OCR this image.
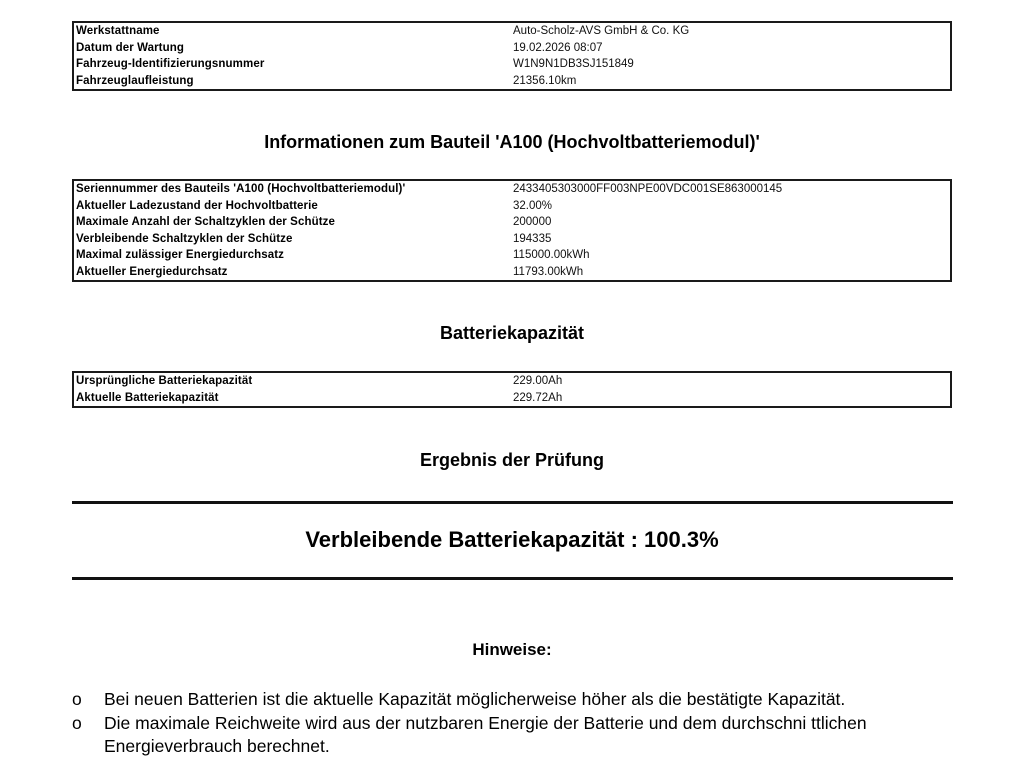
Werkstattname	Auto-Scholz-AVS GmbH & Co. KG
Datum der Wartung	19.02.2026 08:07
Fahrzeug-Identifizierungsnummer	W1N9N1DB3SJ151849
Fahrzeuglaufleistung	21356.10km
Informationen zum Bauteil 'A100 (Hochvoltbatteriemodul)'
Seriennummer des Bauteils 'A100 (Hochvoltbatteriemodul)'	2433405303000FF003NPE00VDC001SE863000145
Aktueller Ladezustand der Hochvoltbatterie	32.00%
Maximale Anzahl der Schaltzyklen der Schütze	200000
Verbleibende Schaltzyklen der Schütze	194335
Maximal zulässiger Energiedurchsatz	115000.00kWh
Aktueller Energiedurchsatz	11793.00kWh
Batteriekapazität
Ursprüngliche Batteriekapazität	229.00Ah
Aktuelle Batteriekapazität	229.72Ah
Ergebnis der Prüfung
Verbleibende Batteriekapazität : 100.3%
Hinweise:
o	Bei neuen Batterien ist die aktuelle Kapazität möglicherweise höher als die bestätigte Kapazität.
o	Die maximale Reichweite wird aus der nutzbaren Energie der Batterie und dem durchschni ttlichen Energieverbrauch berechnet.
